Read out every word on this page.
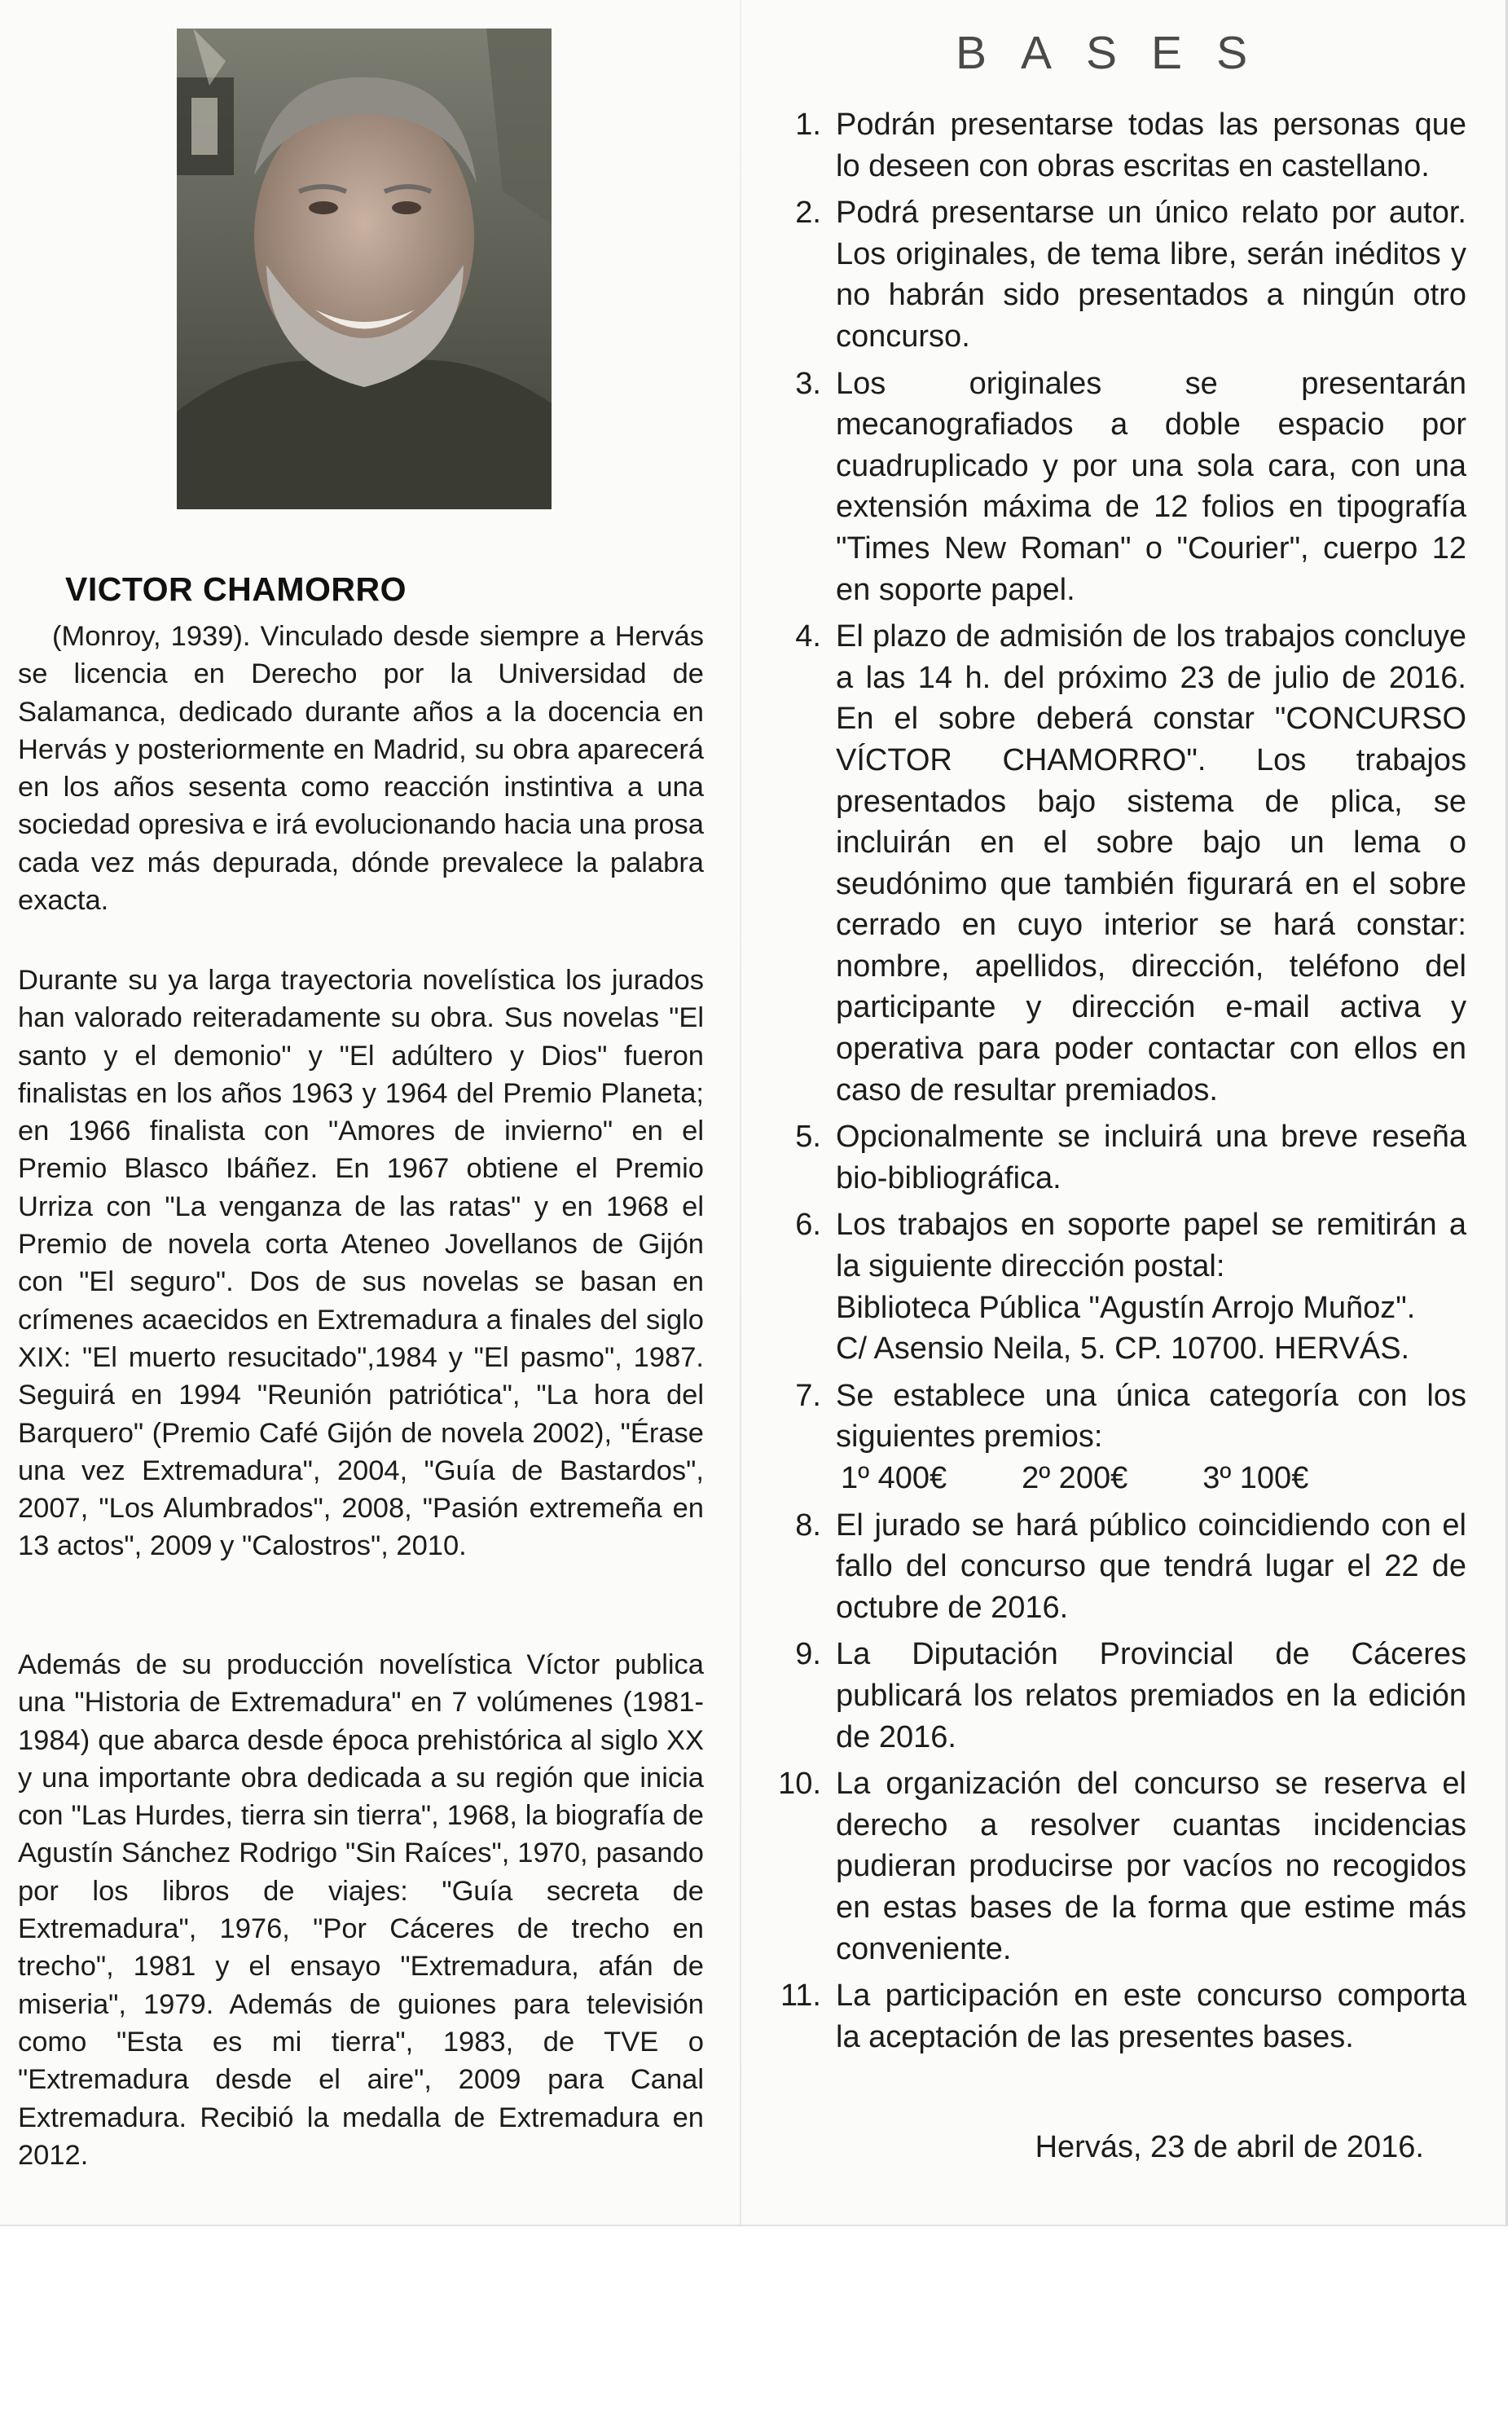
VICTOR CHAMORRO

(Monroy, 1939). Vinculado desde siempre a Hervás se licencia en Derecho por la Universidad de Salamanca, dedicado durante años a la docencia en Hervás y posteriormente en Madrid, su obra aparecerá en los años sesenta como reacción instintiva a una sociedad opresiva e irá evolucionando hacia una prosa cada vez más depurada, dónde prevalece la palabra exacta.

Durante su ya larga trayectoria novelística los jurados han valorado reiteradamente su obra. Sus novelas "El santo y el demonio" y "El adúltero y Dios" fueron finalistas en los años 1963 y 1964 del Premio Planeta; en 1966 finalista con "Amores de invierno" en el Premio Blasco Ibáñez. En 1967 obtiene el Premio Urriza con "La venganza de las ratas" y en 1968 el Premio de novela corta Ateneo Jovellanos de Gijón con "El seguro". Dos de sus novelas se basan en crímenes acaecidos en Extremadura a finales del siglo XIX: "El muerto resucitado",1984 y "El pasmo", 1987. Seguirá en 1994 "Reunión patriótica", "La hora del Barquero" (Premio Café Gijón de novela 2002), "Érase una vez Extremadura", 2004, "Guía de Bastardos", 2007, "Los Alumbrados", 2008, "Pasión extremeña en 13 actos", 2009 y "Calostros", 2010.

Además de su producción novelística Víctor publica una "Historia de Extremadura" en 7 volúmenes (1981-1984) que abarca desde época prehistórica al siglo XX y una importante obra dedicada a su región que inicia con "Las Hurdes, tierra sin tierra", 1968, la biografía de Agustín Sánchez Rodrigo "Sin Raíces", 1970, pasando por los libros de viajes: "Guía secreta de Extremadura", 1976, "Por Cáceres de trecho en trecho", 1981 y el ensayo "Extremadura, afán de miseria", 1979. Además de guiones para televisión como "Esta es mi tierra", 1983, de TVE o "Extremadura desde el aire", 2009 para Canal Extremadura. Recibió la medalla de Extremadura en 2012.

BASES
1. Podrán presentarse todas las personas que lo deseen con obras escritas en castellano.

2. Podrá presentarse un único relato por autor. Los originales, de tema libre, serán inéditos y no habrán sido presentados a ningún otro concurso.

3. Los originales se presentarán mecanografiados a doble espacio por cuadruplicado y por una sola cara, con una extensión máxima de 12 folios en tipografía "Times New Roman" o "Courier", cuerpo 12 en soporte papel.

4. El plazo de admisión de los trabajos concluye a las 14 h. del próximo 23 de julio de 2016. En el sobre deberá constar "CONCURSO VÍCTOR CHAMORRO". Los trabajos presentados bajo sistema de plica, se incluirán en el sobre bajo un lema o seudónimo que también figurará en el sobre cerrado en cuyo interior se hará constar: nombre, apellidos, dirección, teléfono del participante y dirección e-mail activa y operativa para poder contactar con ellos en caso de resultar premiados.

5. Opcionalmente se incluirá una breve reseña bio-bibliográfica.

6. Los trabajos en soporte papel se remitirán a la siguiente dirección postal:

Biblioteca Pública "Agustín Arrojo Muñoz".

C/ Asensio Neila, 5. CP. 10700. HERVÁS.

7. Se establece una única categoría con los siguientes premios:

1º 400€ 2º 200€ 3º 100€
8. El jurado se hará público coincidiendo con el fallo del concurso que tendrá lugar el 22 de octubre de 2016.

9. La Diputación Provincial de Cáceres publicará los relatos premiados en la edición de 2016.

10. La organización del concurso se reserva el derecho a resolver cuantas incidencias pudieran producirse por vacíos no recogidos en estas bases de la forma que estime más conveniente.

11. La participación en este concurso comporta la aceptación de las presentes bases.

Hervás, 23 de abril de 2016.
